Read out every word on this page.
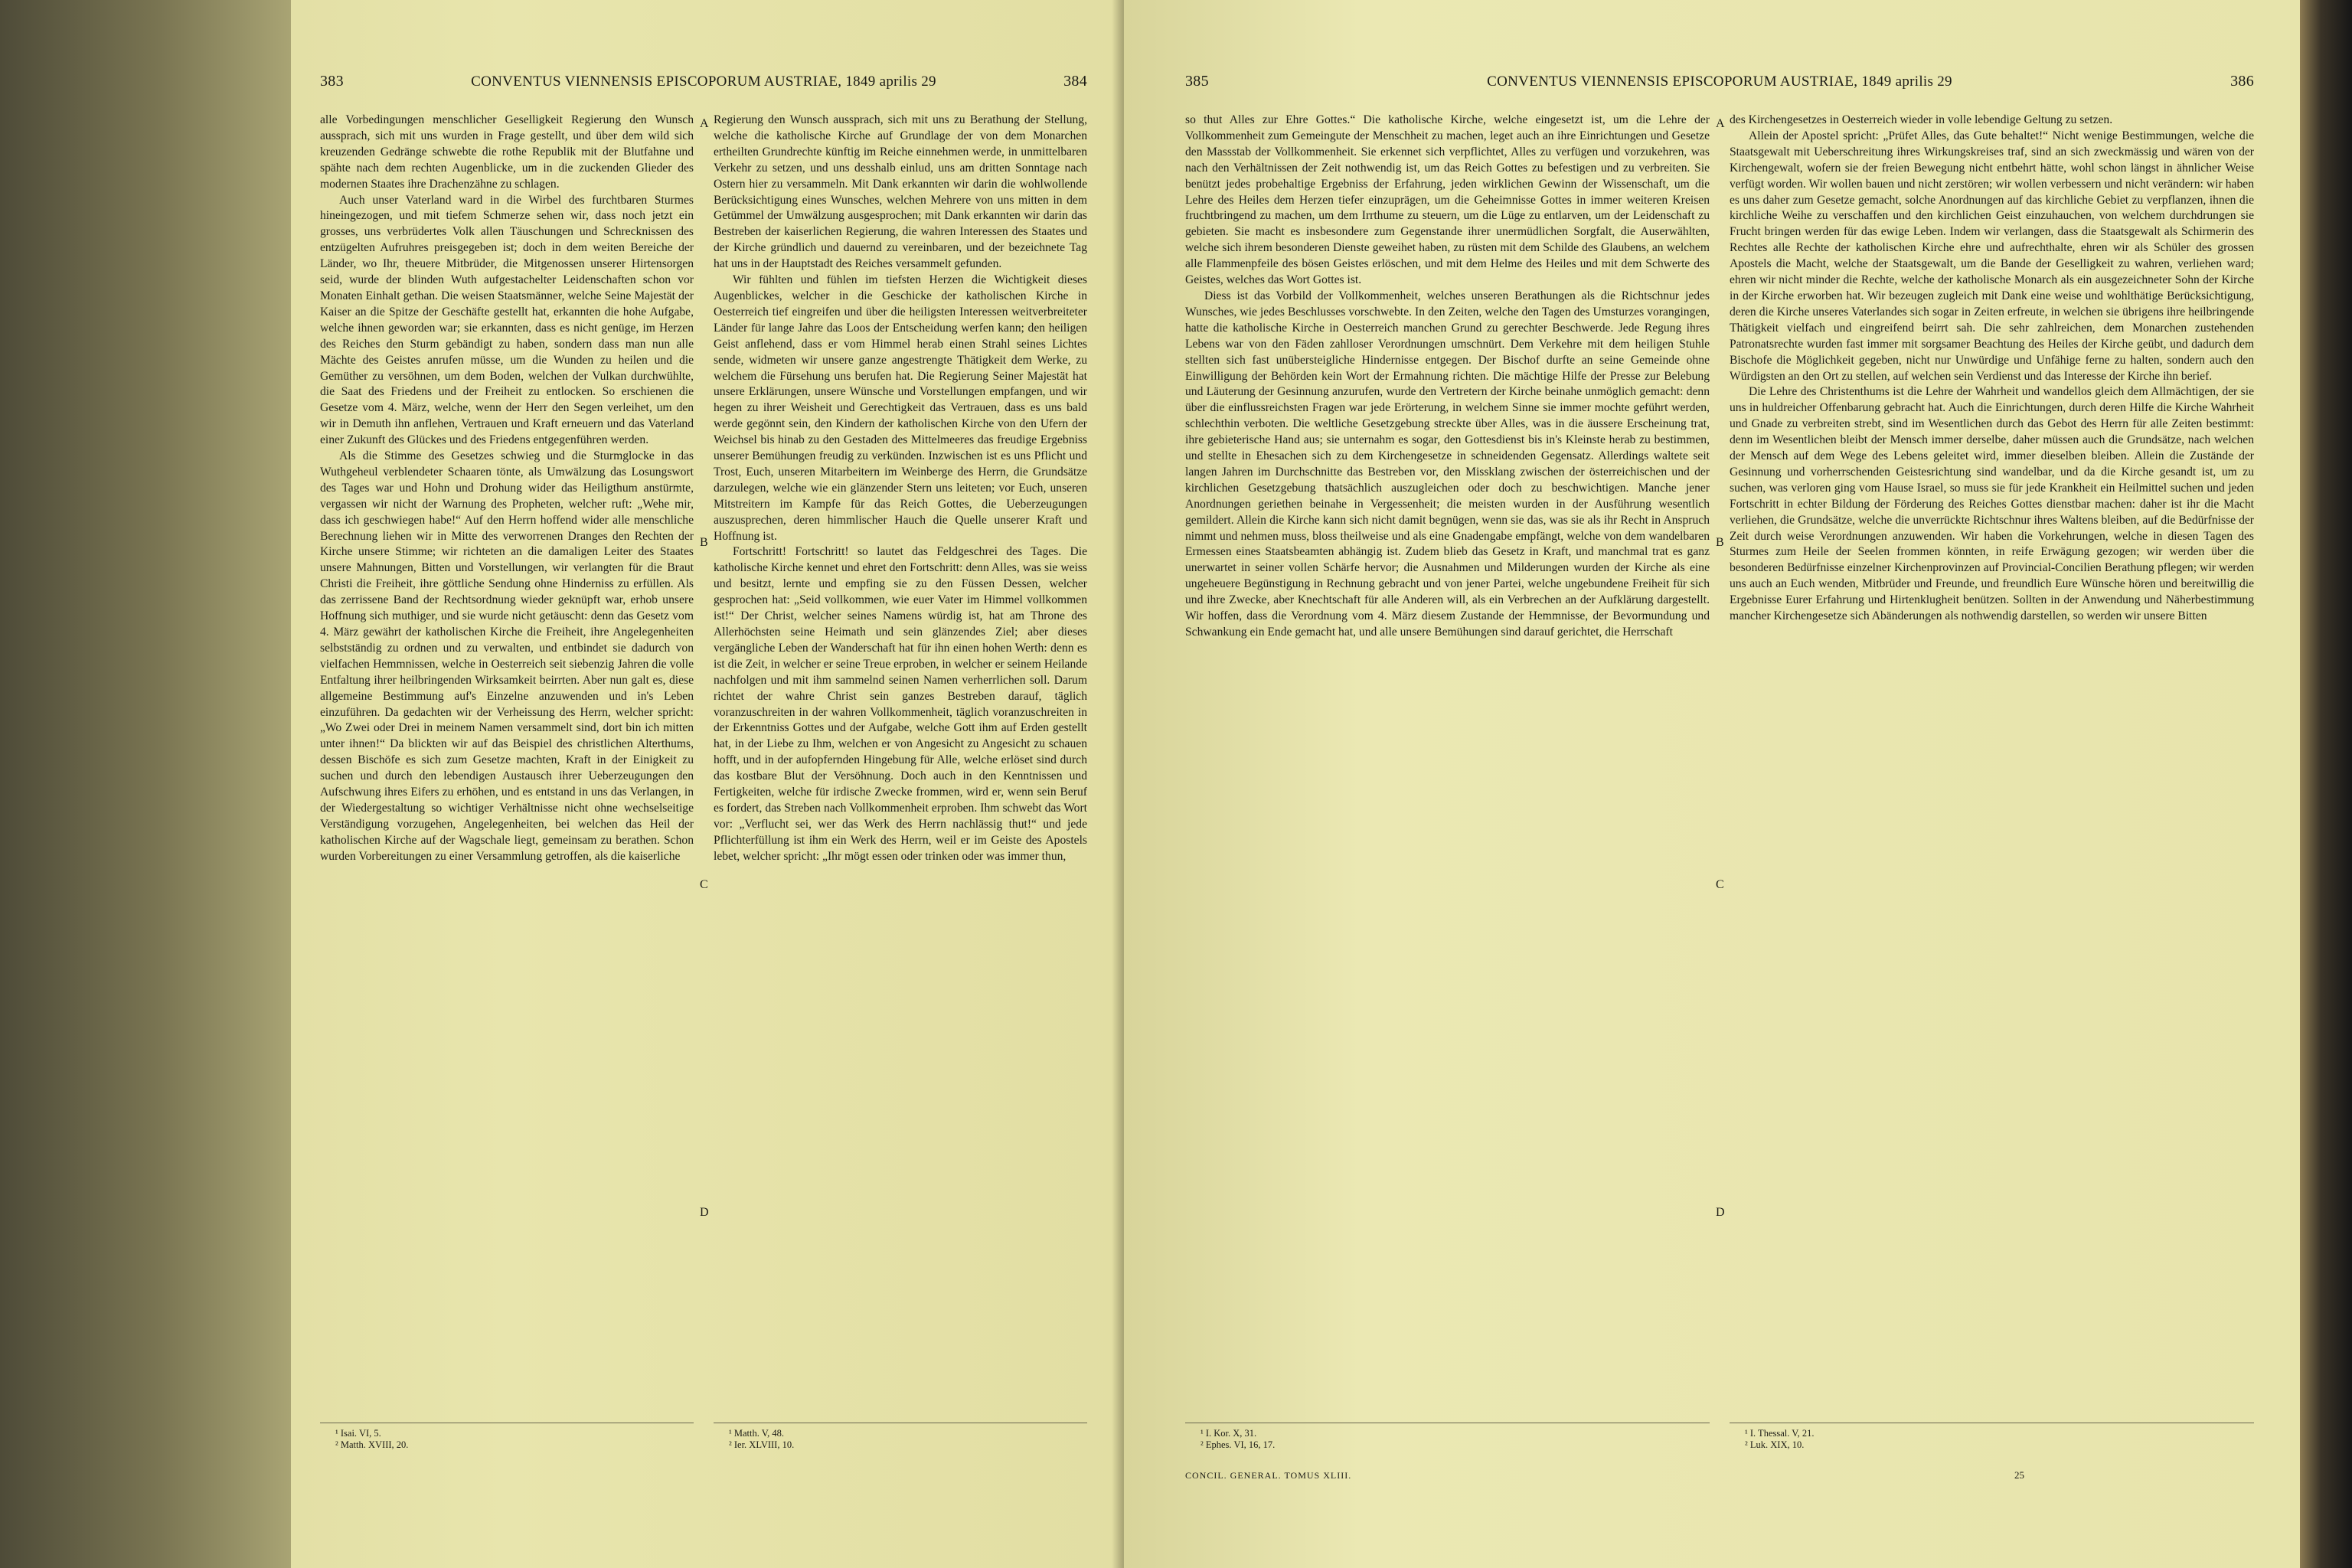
383	CONVENTUS VIENNENSIS EPISCOPORUM AUSTRIAE, 1849 aprilis 29	384

alle Vorbedingungen menschlicher Geselligkeit Regierung den Wunsch aussprach, sich mit uns wurden in Frage gestellt, und über dem wild sich kreuzenden Gedränge schwebte die rothe Republik mit der Blutfahne und spähte nach dem rechten Augenblicke, um in die zuckenden Glieder des modernen Staates ihre Drachenzähne zu schlagen.

Auch unser Vaterland ward in die Wirbel des furchtbaren Sturmes hineingezogen, und mit tiefem Schmerze sehen wir, dass noch jetzt ein grosses, uns verbrüdertes Volk allen Täuschungen und Schrecknissen des entzügelten Aufruhres preisgegeben ist; doch in dem weiten Bereiche der Länder, wo Ihr, theuere Mitbrüder, die Mitgenossen unserer Hirtensorgen seid, wurde der blinden Wuth aufgestachelter Leidenschaften schon vor Monaten Einhalt gethan. Die weisen Staatsmänner, welche Seine Majestät der Kaiser an die Spitze der Geschäfte gestellt hat, erkannten die hohe Aufgabe, welche ihnen geworden war; sie erkannten, dass es nicht genüge, im Herzen des Reiches den Sturm gebändigt zu haben, sondern dass man nun alle Mächte des Geistes anrufen müsse, um die Wunden zu heilen und die Gemüther zu versöhnen, um dem Boden, welchen der Vulkan durchwühlte, die Saat des Friedens und der Freiheit zu entlocken. So erschienen die Gesetze vom 4. März, welche, wenn der Herr den Segen verleihet, um den wir in Demuth ihn anflehen, Vertrauen und Kraft erneuern und das Vaterland einer Zukunft des Glückes und des Friedens entgegenführen werden.

Als die Stimme des Gesetzes schwieg und die Sturmglocke in das Wuthgeheul verblendeter Schaaren tönte, als Umwälzung das Losungswort des Tages war und Hohn und Drohung wider das Heiligthum anstürmte, vergassen wir nicht der Warnung des Propheten, welcher ruft: „Wehe mir, dass ich geschwiegen habe!“ Auf den Herrn hoffend wider alle menschliche Berechnung liehen wir in Mitte des verworrenen Dranges den Rechten der Kirche unsere Stimme; wir richteten an die damaligen Leiter des Staates unsere Mahnungen, Bitten und Vorstellungen, wir verlangten für die Braut Christi die Freiheit, ihre göttliche Sendung ohne Hinderniss zu erfüllen. Als das zerrissene Band der Rechtsordnung wieder geknüpft war, erhob unsere Hoffnung sich muthiger, und sie wurde nicht getäuscht: denn das Gesetz vom 4. März gewährt der katholischen Kirche die Freiheit, ihre Angelegenheiten selbstständig zu ordnen und zu verwalten, und entbindet sie dadurch von vielfachen Hemmnissen, welche in Oesterreich seit siebenzig Jahren die volle Entfaltung ihrer heilbringenden Wirksamkeit beirrten. Aber nun galt es, diese allgemeine Bestimmung auf's Einzelne anzuwenden und in's Leben einzuführen. Da gedachten wir der Verheissung des Herrn, welcher spricht: „Wo Zwei oder Drei in meinem Namen versammelt sind, dort bin ich mitten unter ihnen!“ Da blickten wir auf das Beispiel des christlichen Alterthums, dessen Bischöfe es sich zum Gesetze machten, Kraft in der Einigkeit zu suchen und durch den lebendigen Austausch ihrer Ueberzeugungen den Aufschwung ihres Eifers zu erhöhen, und es entstand in uns das Verlangen, in der Wiedergestaltung so wichtiger Verhältnisse nicht ohne wechselseitige Verständigung vorzugehen, Angelegenheiten, bei welchen das Heil der katholischen Kirche auf der Wagschale liegt, gemeinsam zu berathen. Schon wurden Vorbereitungen zu einer Versammlung getroffen, als die kaiserliche

¹ Isai. VI, 5.
² Matth. XVIII, 20.
A
B
C
D

Regierung den Wunsch aussprach, sich mit uns zu Berathung der Stellung, welche die katholische Kirche auf Grundlage der von dem Monarchen ertheilten Grundrechte künftig im Reiche einnehmen werde, in unmittelbaren Verkehr zu setzen, und uns desshalb einlud, uns am dritten Sonntage nach Ostern hier zu versammeln. Mit Dank erkannten wir darin die wohlwollende Berücksichtigung eines Wunsches, welchen Mehrere von uns mitten in dem Getümmel der Umwälzung ausgesprochen; mit Dank erkannten wir darin das Bestreben der kaiserlichen Regierung, die wahren Interessen des Staates und der Kirche gründlich und dauernd zu vereinbaren, und der bezeichnete Tag hat uns in der Hauptstadt des Reiches versammelt gefunden.

Wir fühlten und fühlen im tiefsten Herzen die Wichtigkeit dieses Augenblickes, welcher in die Geschicke der katholischen Kirche in Oesterreich tief eingreifen und über die heiligsten Interessen weitverbreiteter Länder für lange Jahre das Loos der Entscheidung werfen kann; den heiligen Geist anflehend, dass er vom Himmel herab einen Strahl seines Lichtes sende, widmeten wir unsere ganze angestrengte Thätigkeit dem Werke, zu welchem die Fürsehung uns berufen hat. Die Regierung Seiner Majestät hat unsere Erklärungen, unsere Wünsche und Vorstellungen empfangen, und wir hegen zu ihrer Weisheit und Gerechtigkeit das Vertrauen, dass es uns bald werde gegönnt sein, den Kindern der katholischen Kirche von den Ufern der Weichsel bis hinab zu den Gestaden des Mittelmeeres das freudige Ergebniss unserer Bemühungen freudig zu verkünden. Inzwischen ist es uns Pflicht und Trost, Euch, unseren Mitarbeitern im Weinberge des Herrn, die Grundsätze darzulegen, welche wie ein glänzender Stern uns leiteten; vor Euch, unseren Mitstreitern im Kampfe für das Reich Gottes, die Ueberzeugungen auszusprechen, deren himmlischer Hauch die Quelle unserer Kraft und Hoffnung ist.

Fortschritt! Fortschritt! so lautet das Feldgeschrei des Tages. Die katholische Kirche kennet und ehret den Fortschritt: denn Alles, was sie weiss und besitzt, lernte und empfing sie zu den Füssen Dessen, welcher gesprochen hat: „Seid vollkommen, wie euer Vater im Himmel vollkommen ist!“ Der Christ, welcher seines Namens würdig ist, hat am Throne des Allerhöchsten seine Heimath und sein glänzendes Ziel; aber dieses vergängliche Leben der Wanderschaft hat für ihn einen hohen Werth: denn es ist die Zeit, in welcher er seine Treue erproben, in welcher er seinem Heilande nachfolgen und mit ihm sammelnd seinen Namen verherrlichen soll. Darum richtet der wahre Christ sein ganzes Bestreben darauf, täglich voranzuschreiten in der wahren Vollkommenheit, täglich voranzuschreiten in der Erkenntniss Gottes und der Aufgabe, welche Gott ihm auf Erden gestellt hat, in der Liebe zu Ihm, welchen er von Angesicht zu Angesicht zu schauen hofft, und in der aufopfernden Hingebung für Alle, welche erlöset sind durch das kostbare Blut der Versöhnung. Doch auch in den Kenntnissen und Fertigkeiten, welche für irdische Zwecke frommen, wird er, wenn sein Beruf es fordert, das Streben nach Vollkommenheit erproben. Ihm schwebt das Wort vor: „Verflucht sei, wer das Werk des Herrn nachlässig thut!“ und jede Pflichterfüllung ist ihm ein Werk des Herrn, weil er im Geiste des Apostels lebet, welcher spricht: „Ihr mögt essen oder trinken oder was immer thun,

¹ Matth. V, 48.
² Ier. XLVIII, 10.
385	CONVENTUS VIENNENSIS EPISCOPORUM AUSTRIAE, 1849 aprilis 29	386

so thut Alles zur Ehre Gottes.“ Die katholische Kirche, welche eingesetzt ist, um die Lehre der Vollkommenheit zum Gemeingute der Menschheit zu machen, leget auch an ihre Einrichtungen und Gesetze den Massstab der Vollkommenheit. Sie erkennet sich verpflichtet, Alles zu verfügen und vorzukehren, was nach den Verhältnissen der Zeit nothwendig ist, um das Reich Gottes zu befestigen und zu verbreiten. Sie benützt jedes probehaltige Ergebniss der Erfahrung, jeden wirklichen Gewinn der Wissenschaft, um die Lehre des Heiles dem Herzen tiefer einzuprägen, um die Geheimnisse Gottes in immer weiteren Kreisen fruchtbringend zu machen, um dem Irrthume zu steuern, um die Lüge zu entlarven, um der Leidenschaft zu gebieten. Sie macht es insbesondere zum Gegenstande ihrer unermüdlichen Sorgfalt, die Auserwählten, welche sich ihrem besonderen Dienste geweihet haben, zu rüsten mit dem Schilde des Glaubens, an welchem alle Flammenpfeile des bösen Geistes erlöschen, und mit dem Helme des Heiles und mit dem Schwerte des Geistes, welches das Wort Gottes ist.

Diess ist das Vorbild der Vollkommenheit, welches unseren Berathungen als die Richtschnur jedes Wunsches, wie jedes Beschlusses vorschwebte. In den Zeiten, welche den Tagen des Umsturzes vorangingen, hatte die katholische Kirche in Oesterreich manchen Grund zu gerechter Beschwerde. Jede Regung ihres Lebens war von den Fäden zahlloser Verordnungen umschnürt. Dem Verkehre mit dem heiligen Stuhle stellten sich fast unübersteigliche Hindernisse entgegen. Der Bischof durfte an seine Gemeinde ohne Einwilligung der Behörden kein Wort der Ermahnung richten. Die mächtige Hilfe der Presse zur Belebung und Läuterung der Gesinnung anzurufen, wurde den Vertretern der Kirche beinahe unmöglich gemacht: denn über die einflussreichsten Fragen war jede Erörterung, in welchem Sinne sie immer mochte geführt werden, schlechthin verboten. Die weltliche Gesetzgebung streckte über Alles, was in die äussere Erscheinung trat, ihre gebieterische Hand aus; sie unternahm es sogar, den Gottesdienst bis in's Kleinste herab zu bestimmen, und stellte in Ehesachen sich zu dem Kirchengesetze in schneidenden Gegensatz. Allerdings waltete seit langen Jahren im Durchschnitte das Bestreben vor, den Missklang zwischen der österreichischen und der kirchlichen Gesetzgebung thatsächlich auszugleichen oder doch zu beschwichtigen. Manche jener Anordnungen geriethen beinahe in Vergessenheit; die meisten wurden in der Ausführung wesentlich gemildert. Allein die Kirche kann sich nicht damit begnügen, wenn sie das, was sie als ihr Recht in Anspruch nimmt und nehmen muss, bloss theilweise und als eine Gnadengabe empfängt, welche von dem wandelbaren Ermessen eines Staatsbeamten abhängig ist. Zudem blieb das Gesetz in Kraft, und manchmal trat es ganz unerwartet in seiner vollen Schärfe hervor; die Ausnahmen und Milderungen wurden der Kirche als eine ungeheuere Begünstigung in Rechnung gebracht und von jener Partei, welche ungebundene Freiheit für sich und ihre Zwecke, aber Knechtschaft für alle Anderen will, als ein Verbrechen an der Aufklärung dargestellt. Wir hoffen, dass die Verordnung vom 4. März diesem Zustande der Hemmnisse, der Bevormundung und Schwankung ein Ende gemacht hat, und alle unsere Bemühungen sind darauf gerichtet, die Herrschaft

¹ I. Kor. X, 31.
² Ephes. VI, 16, 17.
CONCIL. GENERAL. TOMUS XLIII.
A
B
C
D

des Kirchengesetzes in Oesterreich wieder in volle lebendige Geltung zu setzen.

Allein der Apostel spricht: „Prüfet Alles, das Gute behaltet!“ Nicht wenige Bestimmungen, welche die Staatsgewalt mit Ueberschreitung ihres Wirkungskreises traf, sind an sich zweckmässig und wären von der Kirchengewalt, wofern sie der freien Bewegung nicht entbehrt hätte, wohl schon längst in ähnlicher Weise verfügt worden. Wir wollen bauen und nicht zerstören; wir wollen verbessern und nicht verändern: wir haben es uns daher zum Gesetze gemacht, solche Anordnungen auf das kirchliche Gebiet zu verpflanzen, ihnen die kirchliche Weihe zu verschaffen und den kirchlichen Geist einzuhauchen, von welchem durchdrungen sie Frucht bringen werden für das ewige Leben. Indem wir verlangen, dass die Staatsgewalt als Schirmerin des Rechtes alle Rechte der katholischen Kirche ehre und aufrechthalte, ehren wir als Schüler des grossen Apostels die Macht, welche der Staatsgewalt, um die Bande der Geselligkeit zu wahren, verliehen ward; ehren wir nicht minder die Rechte, welche der katholische Monarch als ein ausgezeichneter Sohn der Kirche in der Kirche erworben hat. Wir bezeugen zugleich mit Dank eine weise und wohlthätige Berücksichtigung, deren die Kirche unseres Vaterlandes sich sogar in Zeiten erfreute, in welchen sie übrigens ihre heilbringende Thätigkeit vielfach und eingreifend beirrt sah. Die sehr zahlreichen, dem Monarchen zustehenden Patronatsrechte wurden fast immer mit sorgsamer Beachtung des Heiles der Kirche geübt, und dadurch dem Bischofe die Möglichkeit gegeben, nicht nur Unwürdige und Unfähige ferne zu halten, sondern auch den Würdigsten an den Ort zu stellen, auf welchen sein Verdienst und das Interesse der Kirche ihn berief.

Die Lehre des Christenthums ist die Lehre der Wahrheit und wandellos gleich dem Allmächtigen, der sie uns in huldreicher Offenbarung gebracht hat. Auch die Einrichtungen, durch deren Hilfe die Kirche Wahrheit und Gnade zu verbreiten strebt, sind im Wesentlichen durch das Gebot des Herrn für alle Zeiten bestimmt: denn im Wesentlichen bleibt der Mensch immer derselbe, daher müssen auch die Grundsätze, nach welchen der Mensch auf dem Wege des Lebens geleitet wird, immer dieselben bleiben. Allein die Zustände der Gesinnung und vorherrschenden Geistesrichtung sind wandelbar, und da die Kirche gesandt ist, um zu suchen, was verloren ging vom Hause Israel, so muss sie für jede Krankheit ein Heilmittel suchen und jeden Fortschritt in echter Bildung der Förderung des Reiches Gottes dienstbar machen: daher ist ihr die Macht verliehen, die Grundsätze, welche die unverrückte Richtschnur ihres Waltens bleiben, auf die Bedürfnisse der Zeit durch weise Verordnungen anzuwenden. Wir haben die Vorkehrungen, welche in diesen Tagen des Sturmes zum Heile der Seelen frommen könnten, in reife Erwägung gezogen; wir werden über die besonderen Bedürfnisse einzelner Kirchenprovinzen auf Provincial-Concilien Berathung pflegen; wir werden uns auch an Euch wenden, Mitbrüder und Freunde, und freundlich Eure Wünsche hören und bereitwillig die Ergebnisse Eurer Erfahrung und Hirtenklugheit benützen. Sollten in der Anwendung und Näherbestimmung mancher Kirchengesetze sich Abänderungen als nothwendig darstellen, so werden wir unsere Bitten

¹ I. Thessal. V, 21.
² Luk. XIX, 10.
25
